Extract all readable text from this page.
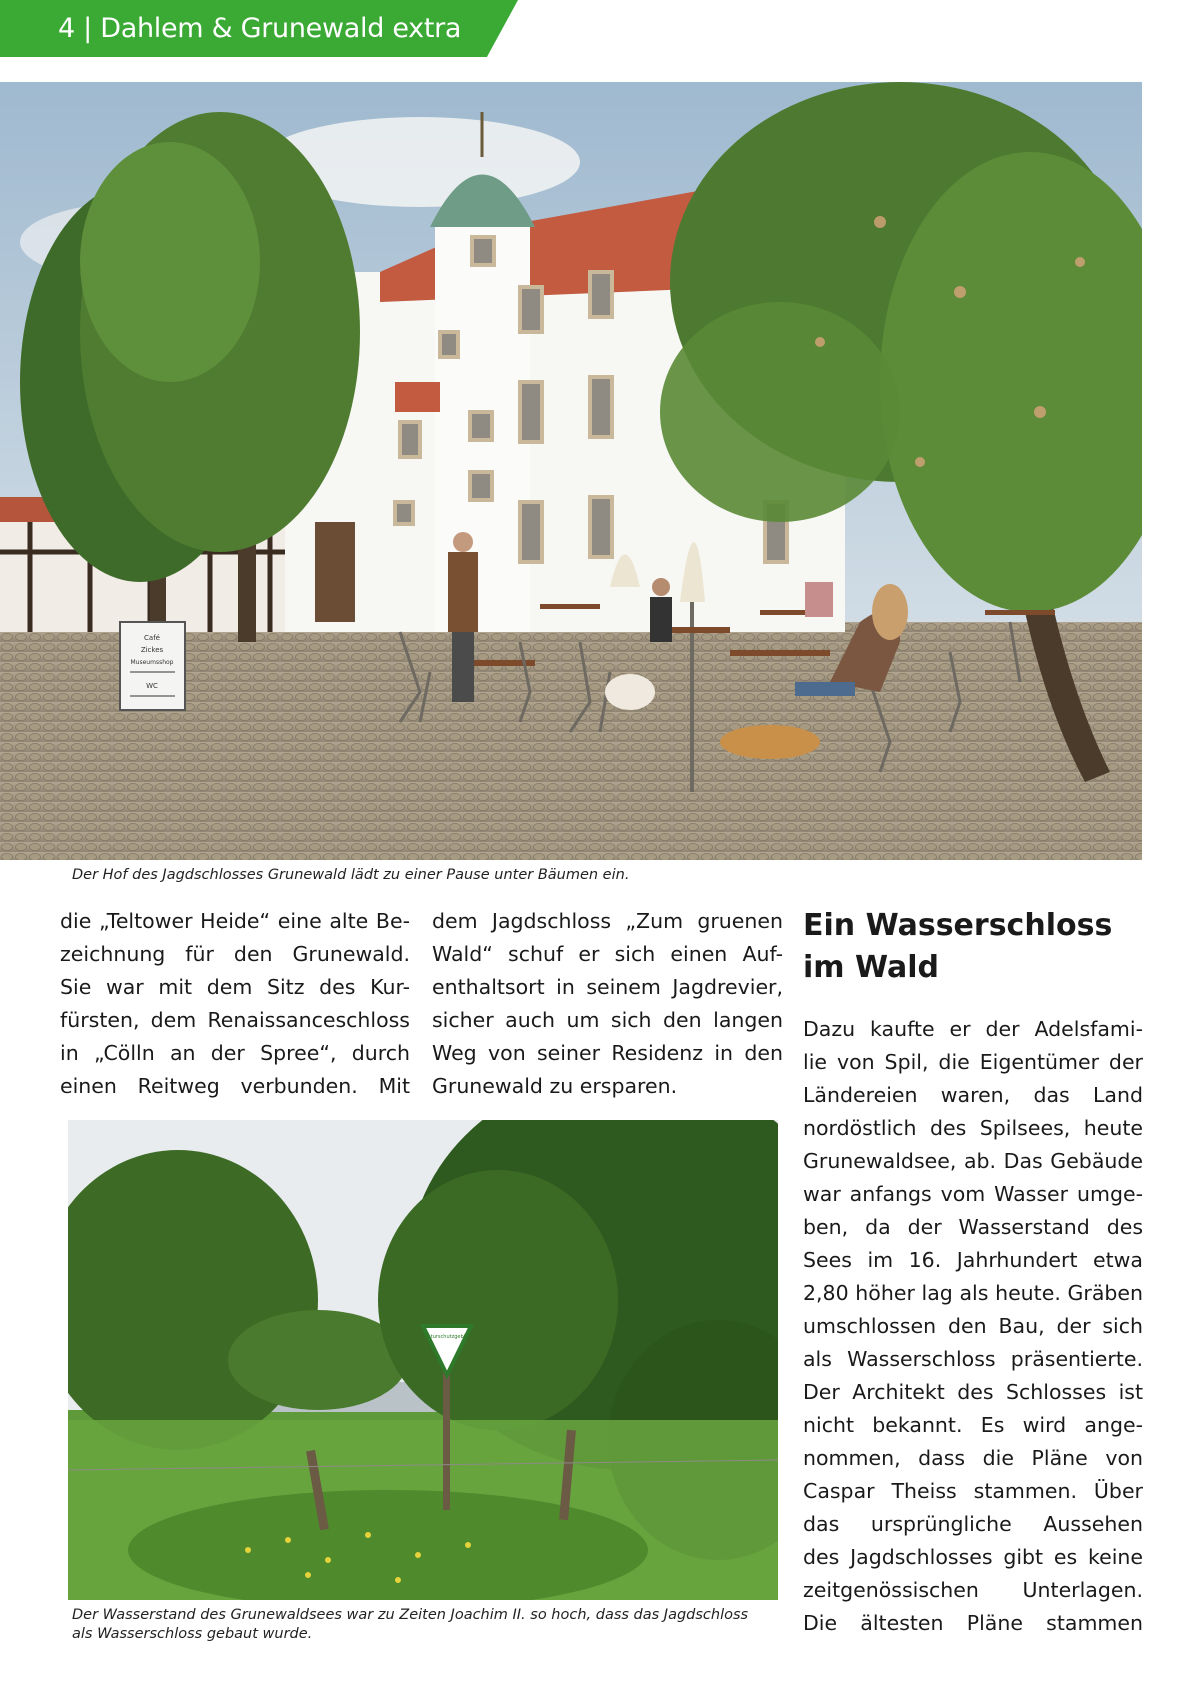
4 | Dahlem & Grunewald extra
Café
Zickes
Museumsshop
WC
Der Hof des Jagdschlosses Grunewald lädt zu einer Pause unter Bäumen ein.
die „Teltower Heide“ eine alte Be-
zeichnung für den Grunewald.
Sie war mit dem Sitz des Kur-
fürsten, dem Renaissanceschloss
in „Cölln an der Spree“, durch
einen Reitweg verbunden. Mit
dem Jagdschloss „Zum gruenen
Wald“ schuf er sich einen Auf-
enthaltsort in seinem Jagdrevier,
sicher auch um sich den langen
Weg von seiner Residenz in den
Grunewald zu ersparen.
Naturschutzgebiet
Der Wasserstand des Grunewaldsees war zu Zeiten Joachim II. so hoch, dass das Jagdschloss
als Wasserschloss gebaut wurde.
Ein Wasserschloss
im Wald
Dazu kaufte er der Adelsfami-
lie von Spil, die Eigentümer der
Ländereien waren, das Land
nordöstlich des Spilsees, heute
Grunewaldsee, ab. Das Gebäude
war anfangs vom Wasser umge-
ben, da der Wasserstand des
Sees im 16. Jahrhundert etwa
2,80 höher lag als heute. Gräben
umschlossen den Bau, der sich
als Wasserschloss präsentierte.
Der Architekt des Schlosses ist
nicht bekannt. Es wird ange-
nommen, dass die Pläne von
Caspar Theiss stammen. Über
das ursprüngliche Aussehen
des Jagdschlosses gibt es keine
zeitgenössischen Unterlagen.
Die ältesten Pläne stammen
